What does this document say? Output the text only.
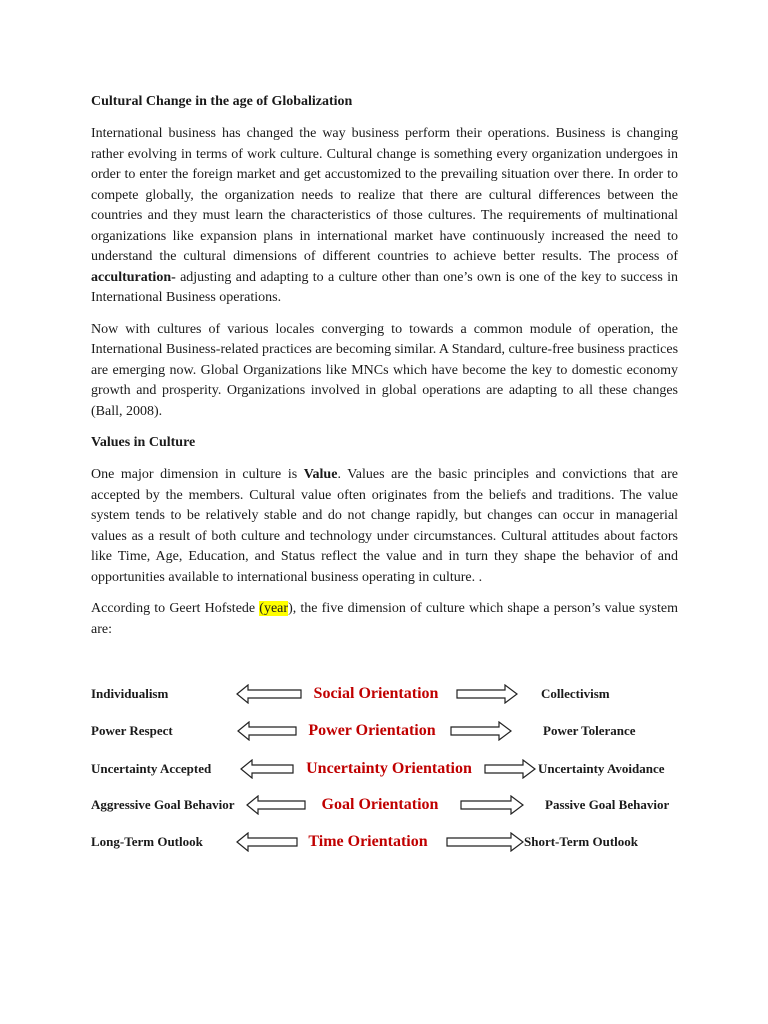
Cultural Change in the age of Globalization

International business has changed the way business perform their operations. Business is changing rather evolving in terms of work culture. Cultural change is something every organization undergoes in order to enter the foreign market and get accustomized to the prevailing situation over there. In order to compete globally, the organization needs to realize that there are cultural differences between the countries and they must learn the characteristics of those cultures. The requirements of multinational organizations like expansion plans in international market have continuously increased the need to understand the cultural dimensions of different countries to achieve better results. The process of acculturation- adjusting and adapting to a culture other than one’s own is one of the key to success in International Business operations.

Now with cultures of various locales converging to towards a common module of operation, the International Business-related practices are becoming similar. A Standard, culture-free business practices are emerging now. Global Organizations like MNCs which have become the key to domestic economy growth and prosperity. Organizations involved in global operations are adapting to all these changes (Ball, 2008).

Values in Culture

One major dimension in culture is Value. Values are the basic principles and convictions that are accepted by the members. Cultural value often originates from the beliefs and traditions. The value system tends to be relatively stable and do not change rapidly, but changes can occur in managerial values as a result of both culture and technology under circumstances. Cultural attitudes about factors like Time, Age, Education, and Status reflect the value and in turn they shape the behavior of and opportunities available to international business operating in culture. .

According to Geert Hofstede (year), the five dimension of culture which shape a person’s value system are:

Individualism	Social Orientation	Collectivism
Power Respect	Power Orientation	Power Tolerance
Uncertainty Accepted	Uncertainty Orientation	Uncertainty Avoidance
Aggressive Goal Behavior	Goal Orientation	Passive Goal Behavior
Long-Term Outlook	Time Orientation	Short-Term Outlook
